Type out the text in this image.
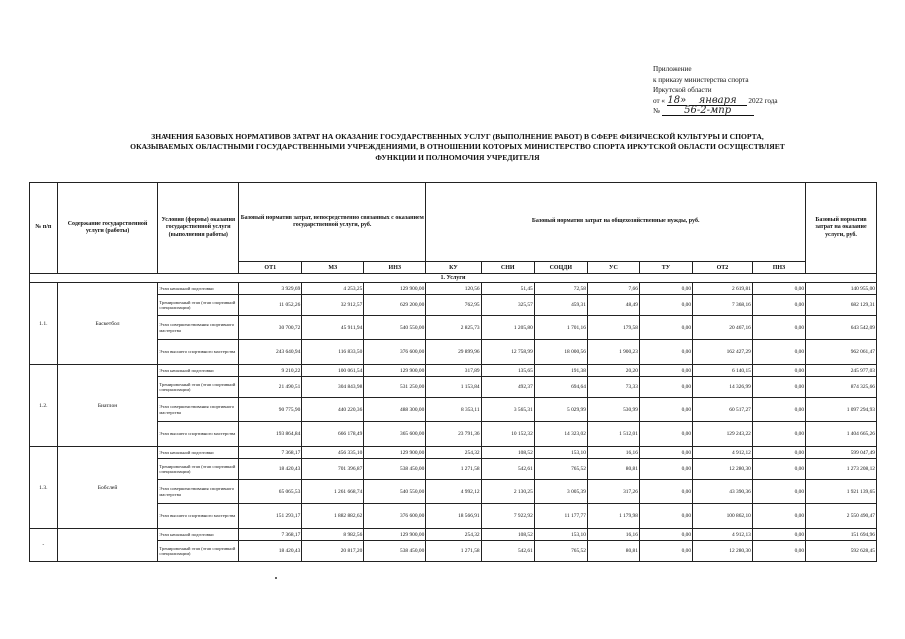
Приложение
к приказу министерства спорта
Иркутской области
от « 18» января 2022 года
№ 56-2-мпр
ЗНАЧЕНИЯ БАЗОВЫХ НОРМАТИВОВ ЗАТРАТ НА ОКАЗАНИЕ ГОСУДАРСТВЕННЫХ УСЛУГ (ВЫПОЛНЕНИЕ РАБОТ) В СФЕРЕ ФИЗИЧЕСКОЙ КУЛЬТУРЫ И СПОРТА,
ОКАЗЫВАЕМЫХ ОБЛАСТНЫМИ ГОСУДАРСТВЕННЫМИ УЧРЕЖДЕНИЯМИ, В ОТНОШЕНИИ КОТОРЫХ МИНИСТЕРСТВО СПОРТА ИРКУТСКОЙ ОБЛАСТИ ОСУЩЕСТВЛЯЕТ
ФУНКЦИИ И ПОЛНОМОЧИЯ УЧРЕДИТЕЛЯ
№ п/п	Содержание государственной услуги (работы)	Условия (формы) оказания государственной услуги (выполнения работы)	Базовый норматив затрат, непосредственно связанных с оказанием государственной услуги, руб.			Базовый норматив затрат на общехозяйственные нужды, руб.							Базовый норматив затрат на оказание услуги, руб.
			ОТ1	МЗ	ИНЗ	КУ	СНИ	СОЦДИ	УС	ТУ	ОТ2	ПНЗ	
1. Услуги													
1.1.	Баскетбол	Этап начальной подготовки	3 929,69	4 253,25	129 900,00	120,56	51,45	72,58	7,66	0,00	2 619,81	0,00	140 955,00
		Тренировочный этап (этап спортивной специализации)	11 052,26	32 912,57	629 200,00	762,95	325,57	459,31	48,49	0,00	7 368,16	0,00	682 129,31
		Этап совершенствования спортивного мастерства	30 700,72	45 911,94	540 550,00	2 825,73	1 205,80	1 701,16	179,58	0,00	20 467,16	0,00	643 542,09
		Этап высшего спортивного мастерства	243 640,94	116 833,50	376 600,00	29 899,96	12 758,99	18 000,56	1 900,23	0,00	162 427,29	0,00	962 061,47
1.2.	Биатлон	Этап начальной подготовки	9 210,22	100 061,54	129 900,00	317,89	135,65	191,38	20,20	0,00	6 140,15	0,00	245 977,03
		Тренировочный этап (этап спортивной специализации)	21 490,51	304 843,98	531 250,00	1 153,84	492,37	694,64	73,33	0,00	14 326,99	0,00	874 325,66
		Этап совершенствования спортивного мастерства	90 775,90	440 220,36	488 300,00	8 353,11	3 565,31	5 029,99	530,99	0,00	60 517,27	0,00	1 097 294,93
		Этап высшего спортивного мастерства	193 864,84	666 178,49	365 600,00	23 791,36	10 152,32	14 323,02	1 512,01	0,00	129 243,22	0,00	1 404 665,26
1.3.	Бобслей	Этап начальной подготовки	7 368,17	456 335,10	129 900,00	254,32	108,52	153,10	16,16	0,00	4 912,12	0,00	599 047,49
		Тренировочный этап (этап спортивной специализации)	18 420,43	701 396,87	538 450,00	1 271,58	542,61	765,52	80,81	0,00	12 280,30	0,00	1 273 208,12
		Этап совершенствования спортивного мастерства	65 065,53	1 261 668,74	540 550,00	4 992,12	2 130,25	3 005,39	317,26	0,00	43 390,36	0,00	1 921 139,65
		Этап высшего спортивного мастерства	151 293,17	1 882 882,62	376 600,00	18 566,91	7 922,92	11 177,77	1 179,98	0,00	100 862,10	0,00	2 550 490,47
-		Этап начальной подготовки	7 368,17	8 982,56	129 900,00	254,32	108,52	153,10	16,16	0,00	4 912,13	0,00	151 694,96
		Тренировочный этап (этап спортивной специализации)	18 420,43	20 817,20	538 450,00	1 271,58	542,61	765,52	80,81	0,00	12 280,30	0,00	592 628,45
